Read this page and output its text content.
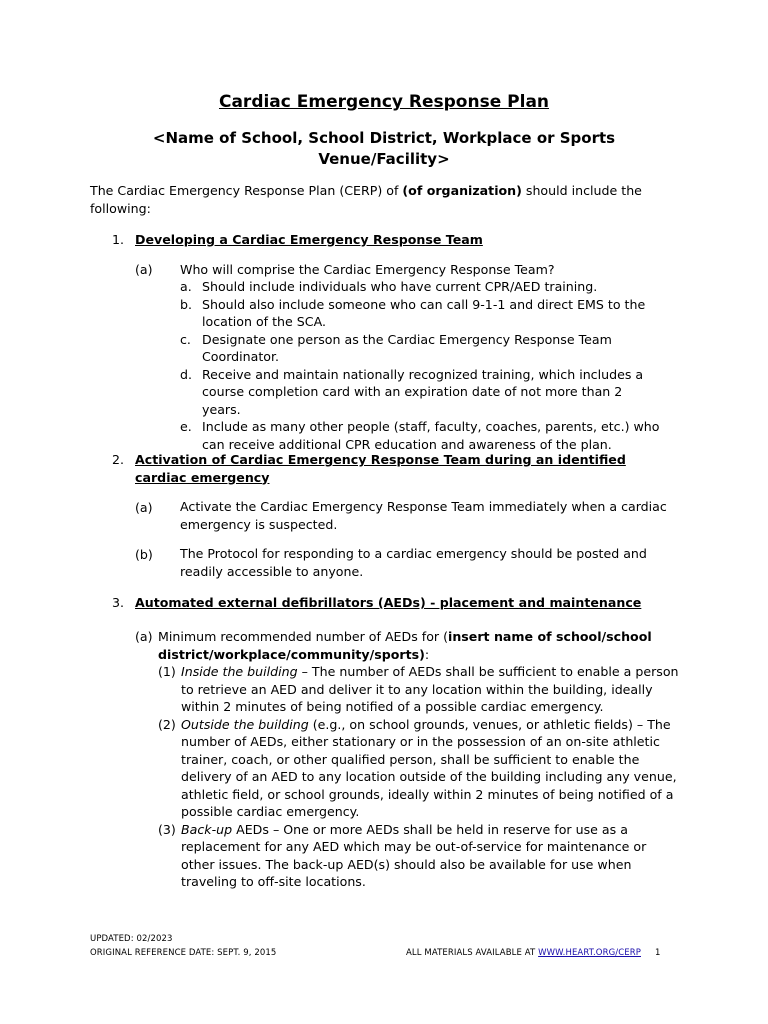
Cardiac Emergency Response Plan
<Name of School, School District, Workplace or Sports Venue/Facility>
The Cardiac Emergency Response Plan (CERP) of (of organization) should include the following:
1. Developing a Cardiac Emergency Response Team
(a) Who will comprise the Cardiac Emergency Response Team?
a. Should include individuals who have current CPR/AED training.
b. Should also include someone who can call 9-1-1 and direct EMS to the location of the SCA.
c. Designate one person as the Cardiac Emergency Response Team Coordinator.
d. Receive and maintain nationally recognized training, which includes a course completion card with an expiration date of not more than 2 years.
e. Include as many other people (staff, faculty, coaches, parents, etc.) who can receive additional CPR education and awareness of the plan.
2. Activation of Cardiac Emergency Response Team during an identified cardiac emergency
(a) Activate the Cardiac Emergency Response Team immediately when a cardiac emergency is suspected.
(b) The Protocol for responding to a cardiac emergency should be posted and readily accessible to anyone.
3. Automated external defibrillators (AEDs) - placement and maintenance
(a) Minimum recommended number of AEDs for (insert name of school/school district/workplace/community/sports):
(1) Inside the building – The number of AEDs shall be sufficient to enable a person to retrieve an AED and deliver it to any location within the building, ideally within 2 minutes of being notified of a possible cardiac emergency.
(2) Outside the building (e.g., on school grounds, venues, or athletic fields) – The number of AEDs, either stationary or in the possession of an on-site athletic trainer, coach, or other qualified person, shall be sufficient to enable the delivery of an AED to any location outside of the building including any venue, athletic field, or school grounds, ideally within 2 minutes of being notified of a possible cardiac emergency.
(3) Back-up AEDs – One or more AEDs shall be held in reserve for use as a replacement for any AED which may be out-of-service for maintenance or other issues. The back-up AED(s) should also be available for use when traveling to off-site locations.
UPDATED: 02/2023
ORIGINAL REFERENCE DATE: SEPT. 9, 2015	ALL MATERIALS AVAILABLE AT WWW.HEART.ORG/CERP 1
